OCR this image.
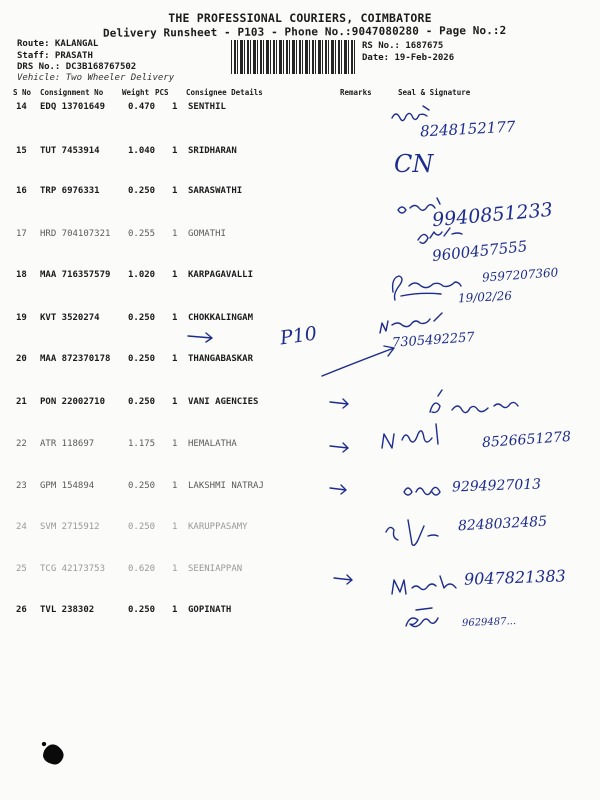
THE PROFESSIONAL COURIERS, COIMBATORE
Delivery Runsheet - P103 - Phone No.:9047080280 - Page No.:2
Route: KALANGAL
Staff: PRASATH
DRS No.: DC3B168767502
Vehicle: Two Wheeler Delivery
RS No.: 1687675
Date: 19-Feb-2026
S No Consignment No	Weight PCS Consignee Details	Remarks	Seal & Signature
14 EDQ 13701649	0.470 1 SENTHIL
15 TUT 7453914	1.040 1 SRIDHARAN
16 TRP 6976331	0.250 1 SARASWATHI
17 HRD 704107321 0.255 1 GOMATHI
18 MAA 716357579 1.020 1 KARPAGAVALLI
19 KVT 3520274	0.250 1 CHOKKALINGAM
20 MAA 872370178 0.250 1 THANGABASKAR
21 PON 22002710	0.250 1 VANI AGENCIES
22 ATR 118697	1.175 1 HEMALATHA
23 GPM 154894	0.250 1 LAKSHMI NATRAJ
24 SVM 2715912	0.250 1 KARUPPASAMY
25 TCG 42173753	0.620 1 SEENIAPPAN
26 TVL 238302	0.250 1 GOPINATH
8248152177
CN
9940851233
9600457555
9597207360
19/02/26
P10	7305492257
8526651278
9294927013
8248032485
9047821383
9629487...
